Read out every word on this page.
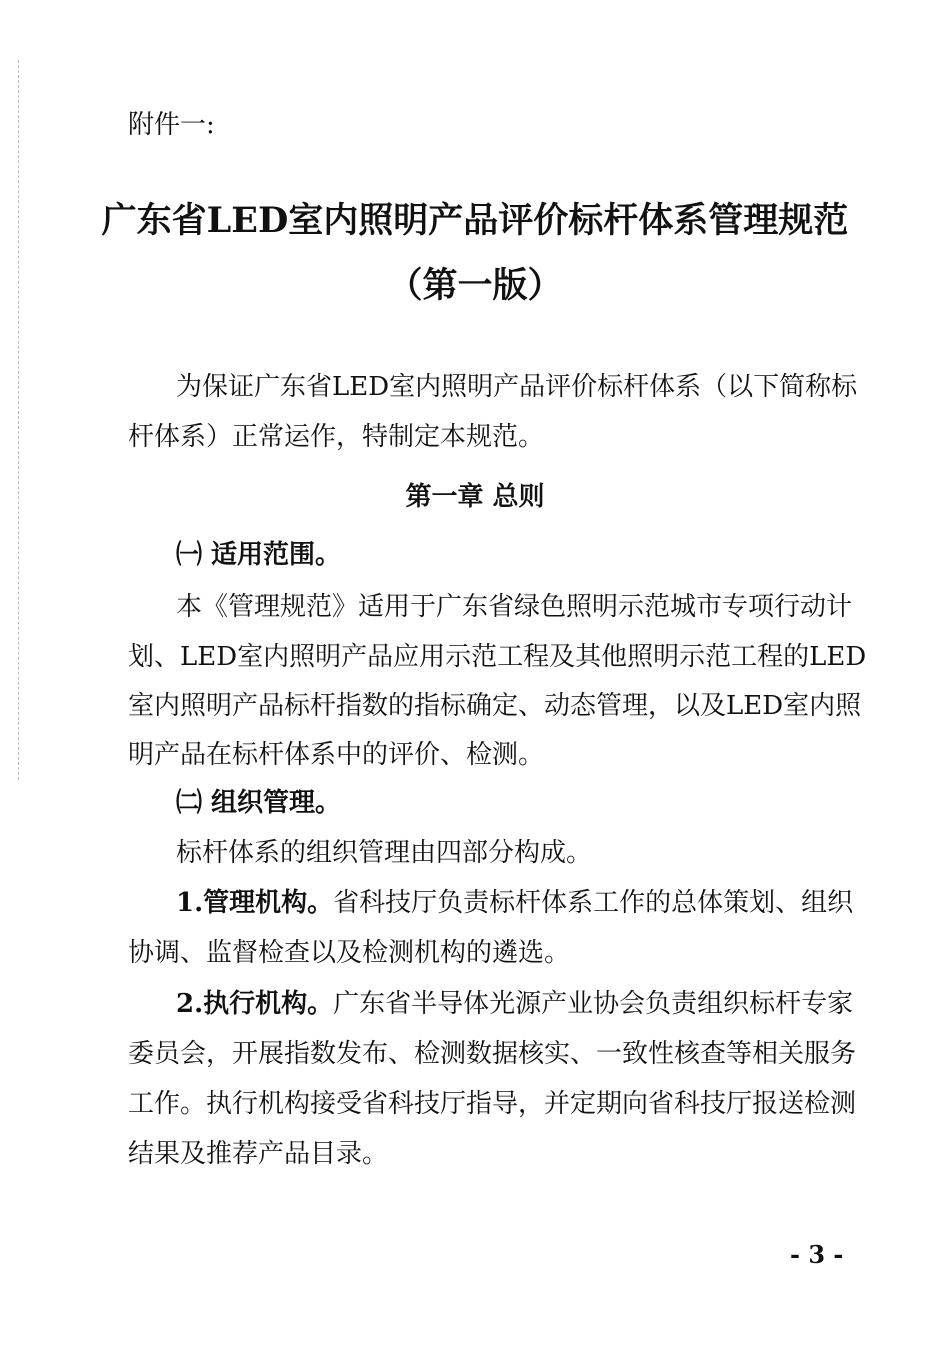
附件一:
广东省LED室内照明产品评价标杆体系管理规范
（第一版）
为保证广东省LED室内照明产品评价标杆体系（以下简称标
杆体系）正常运作，特制定本规范。
第一章 总则
㈠ 适用范围。
本《管理规范》适用于广东省绿色照明示范城市专项行动计
划、LED室内照明产品应用示范工程及其他照明示范工程的LED
室内照明产品标杆指数的指标确定、动态管理，以及LED室内照
明产品在标杆体系中的评价、检测。
㈡ 组织管理。
标杆体系的组织管理由四部分构成。
1.管理机构。省科技厅负责标杆体系工作的总体策划、组织
协调、监督检查以及检测机构的遴选。
2.执行机构。广东省半导体光源产业协会负责组织标杆专家
委员会，开展指数发布、检测数据核实、一致性核查等相关服务
工作。执行机构接受省科技厅指导，并定期向省科技厅报送检测
结果及推荐产品目录。
- 3 -
